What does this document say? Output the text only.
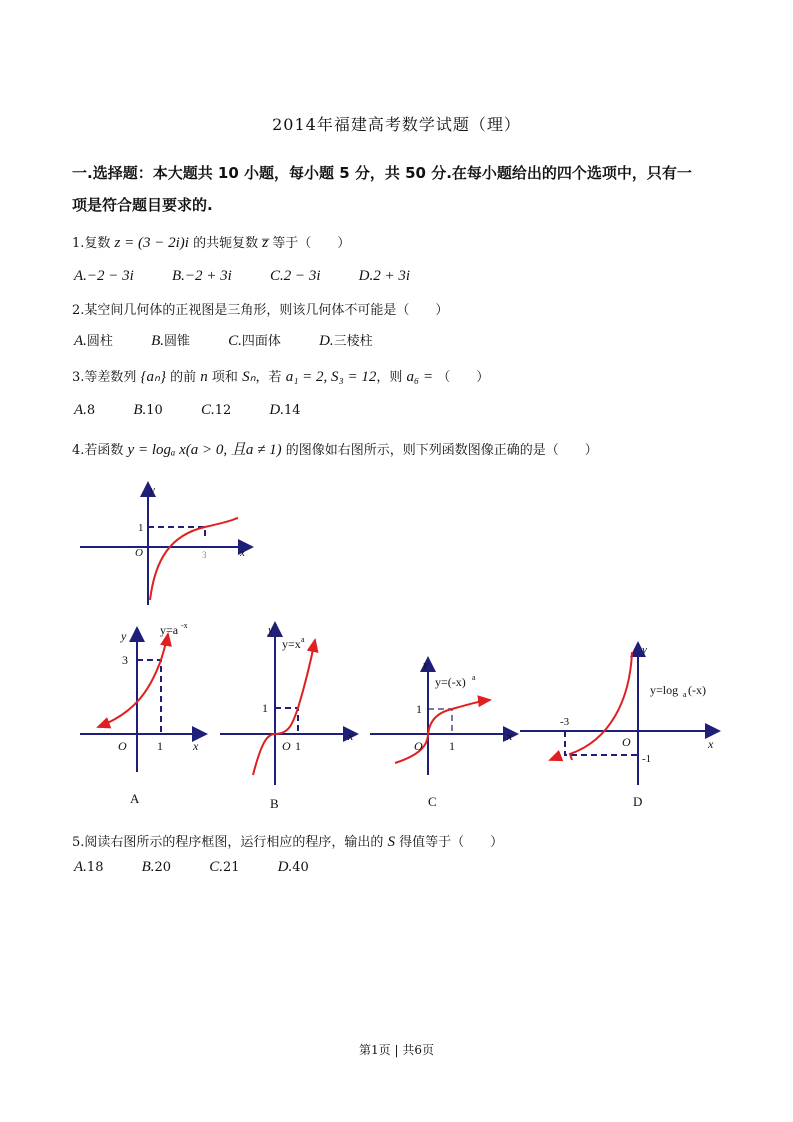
2014年福建高考数学试题（理）
一.选择题：本大题共 10 小题，每小题 5 分，共 50 分.在每小题给出的四个选项中，只有一
项是符合题目要求的.
1.复数 z = (3 − 2i)i 的共轭复数 z̅ 等于（　　）
A.−2 − 3i	B.−2 + 3i	C.2 − 3i	D.2 + 3i
2.某空间几何体的正视图是三角形，则该几何体不可能是（　　）
A.圆柱	B.圆锥	C.四面体	D.三棱柱
3.等差数列 {aₙ} 的前 n 项和 Sₙ，若 a₁ = 2, S₃ = 12，则 a₆ = （　　）
A.8	B.10	C.12	D.14
4.若函数 y = logₐ x(a > 0, 且a ≠ 1) 的图像如右图所示，则下列函数图像正确的是（　　）
y
x
O
1
3
y	y=a -x
3
1
O	x
A
y
y=x a
1
1
O
x
B
y
y=(-x) a
1
1
O
x
C
y
y=log a (-x)
-1
-3
O	x
D
5.阅读右图所示的程序框图，运行相应的程序，输出的 S 得值等于（　　）
A.18	B.20	C.21	D.40
第1页 | 共6页
